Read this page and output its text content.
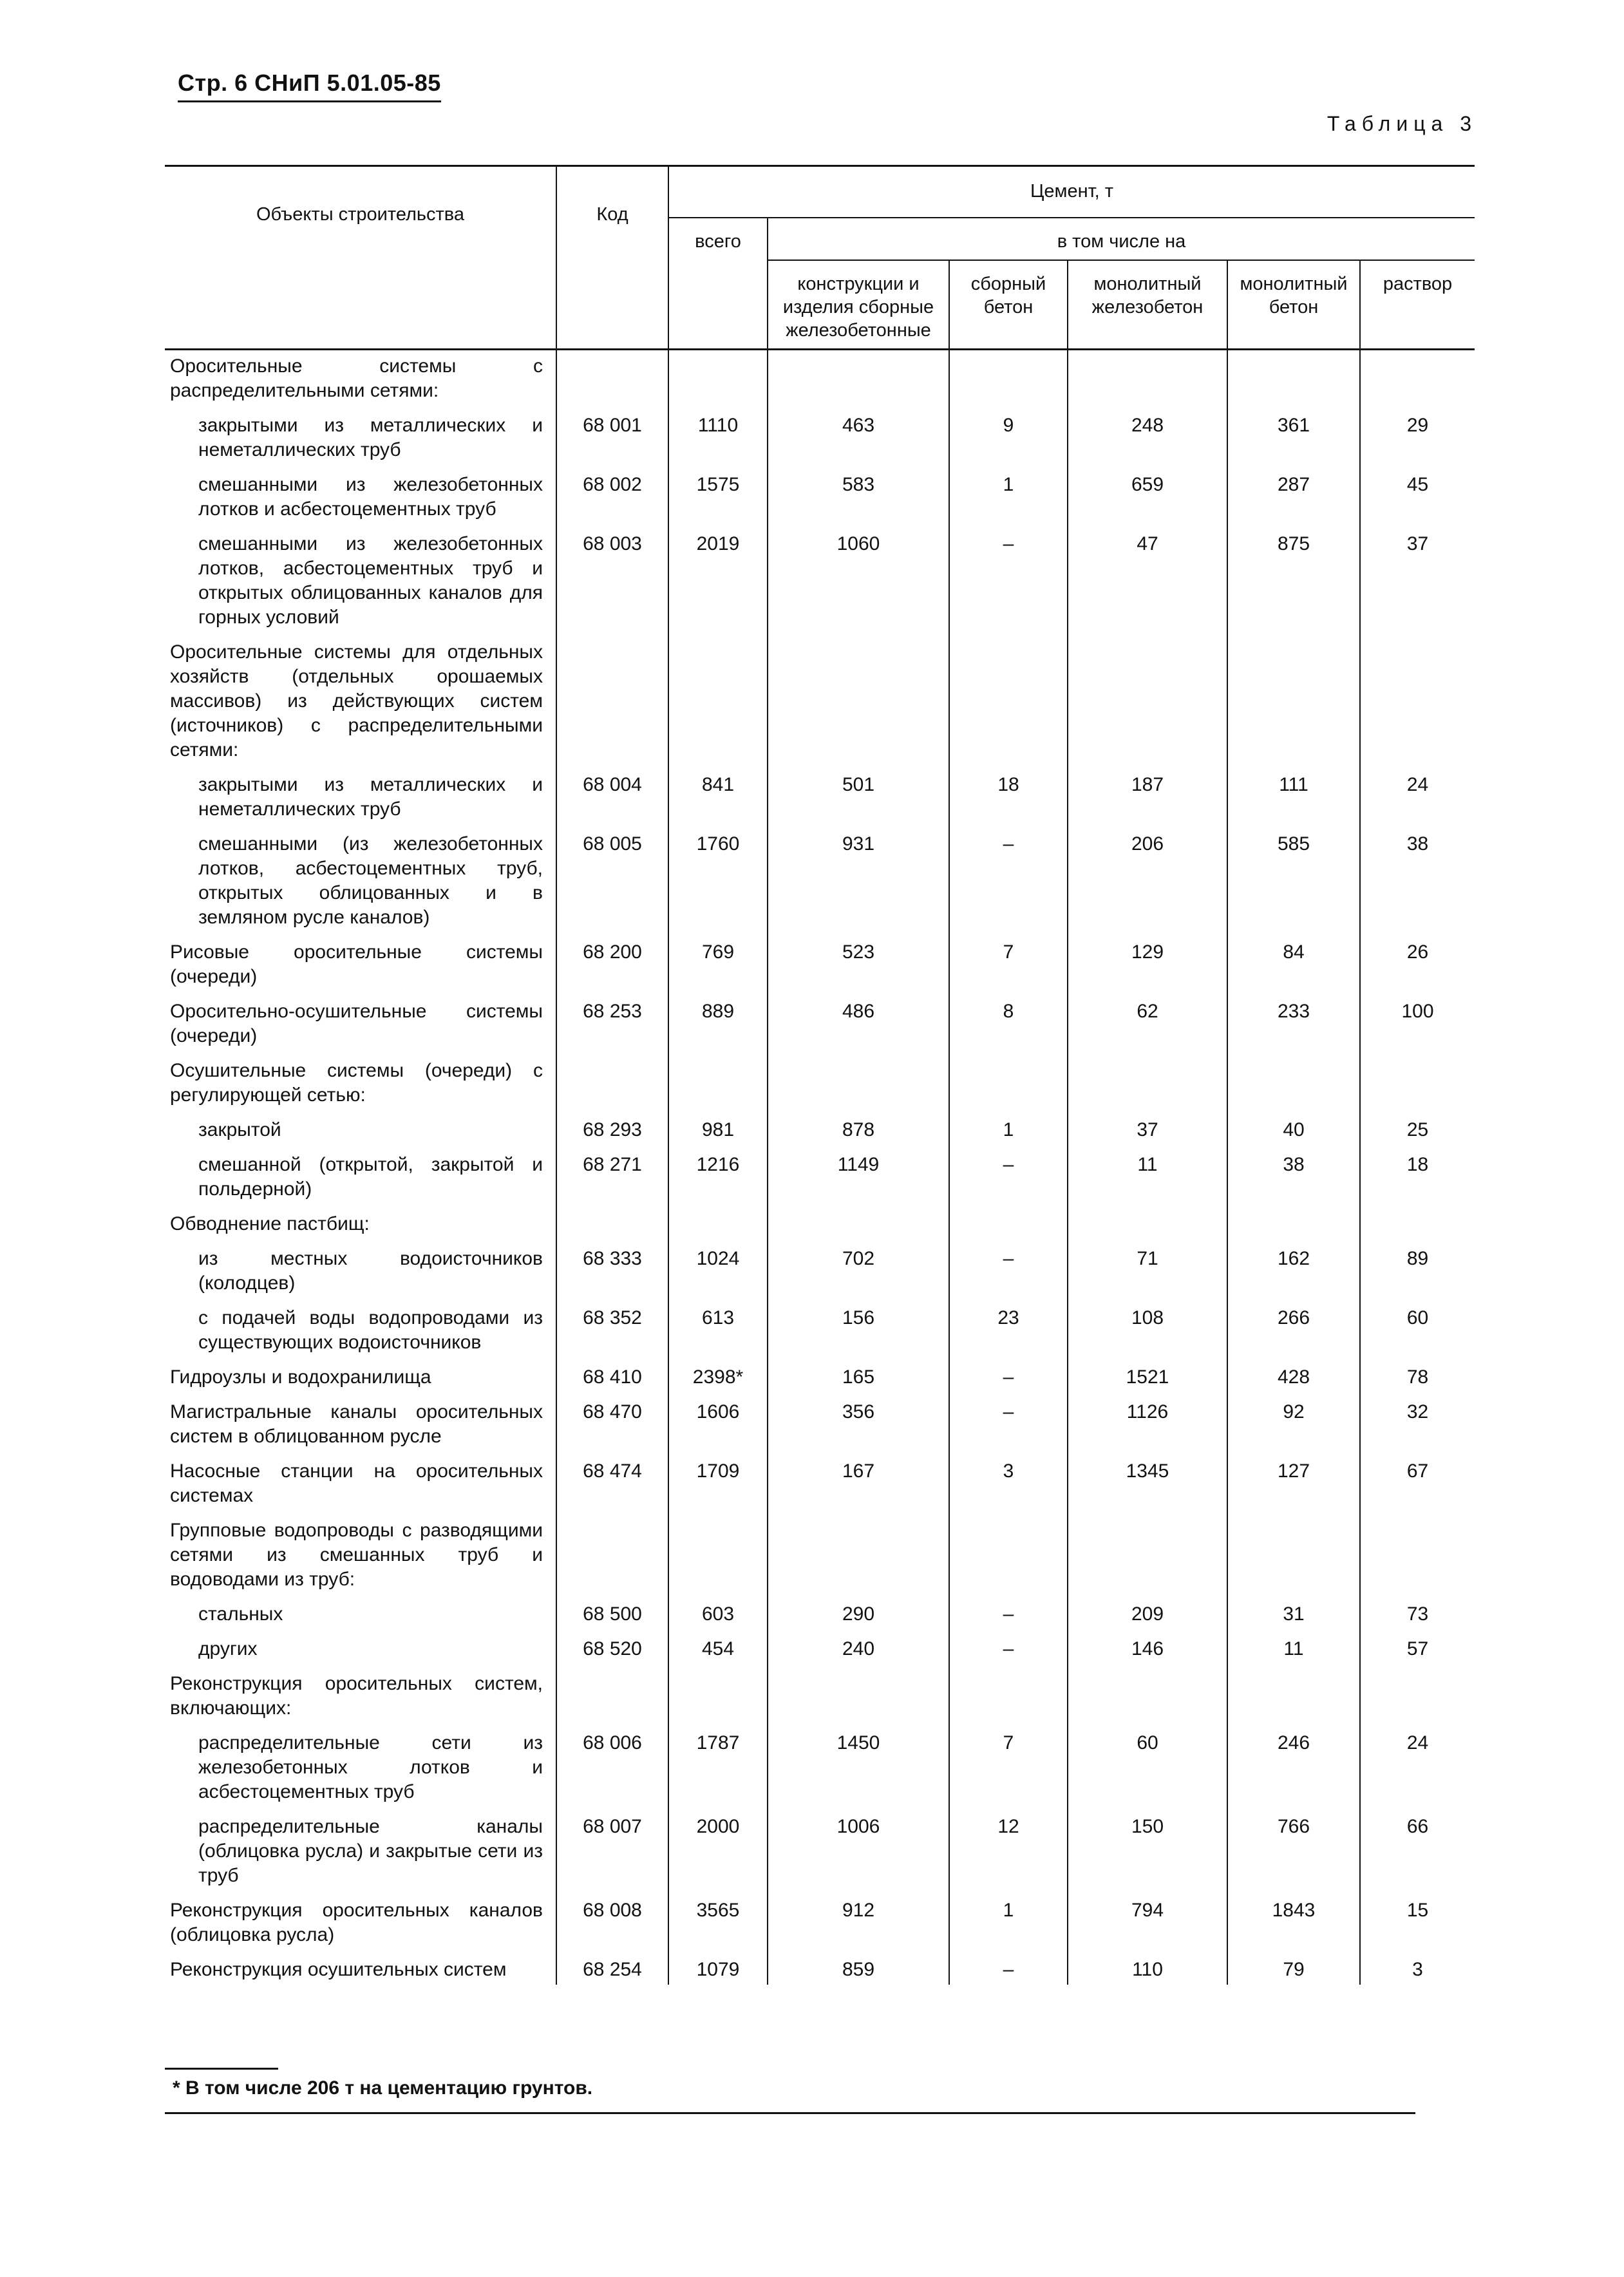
Стр. 6 СНиП 5.01.05-85
Таблица 3
Объекты строительства	Код	Цемент, т					
		всего	в том числе на				
			конструкции и изделия сборные железобетонные	сборный бетон	монолитный железобетон	монолитный бетон	раствор
Оросительные системы с распределительными сетями:							
закрытыми из металлических и неметаллических труб	68 001	1110	463	9	248	361	29
смешанными из железобетонных лотков и асбестоцементных труб	68 002	1575	583	1	659	287	45
смешанными из железобетонных лотков, асбестоцементных труб и открытых облицованных каналов для горных условий	68 003	2019	1060	–	47	875	37
Оросительные системы для отдельных хозяйств (отдельных орошаемых массивов) из действующих систем (источников) с распределительными сетями:							
закрытыми из металлических и неметаллических труб	68 004	841	501	18	187	111	24
смешанными (из железобетонных лотков, асбестоцементных труб, открытых облицованных и в земляном русле каналов)	68 005	1760	931	–	206	585	38
Рисовые оросительные системы (очереди)	68 200	769	523	7	129	84	26
Оросительно-осушительные системы (очереди)	68 253	889	486	8	62	233	100
Осушительные системы (очереди) с регулирующей сетью:							
закрытой	68 293	981	878	1	37	40	25
смешанной (открытой, закрытой и польдерной)	68 271	1216	1149	–	11	38	18
Обводнение пастбищ:							
из местных водоисточников (колодцев)	68 333	1024	702	–	71	162	89
с подачей воды водопроводами из существующих водоисточников	68 352	613	156	23	108	266	60
Гидроузлы и водохранилища	68 410	2398*	165	–	1521	428	78
Магистральные каналы оросительных систем в облицованном русле	68 470	1606	356	–	1126	92	32
Насосные станции на оросительных системах	68 474	1709	167	3	1345	127	67
Групповые водопроводы с разводящими сетями из смешанных труб и водоводами из труб:							
стальных	68 500	603	290	–	209	31	73
других	68 520	454	240	–	146	11	57
Реконструкция оросительных систем, включающих:							
распределительные сети из железобетонных лотков и асбестоцементных труб	68 006	1787	1450	7	60	246	24
распределительные каналы (облицовка русла) и закрытые сети из труб	68 007	2000	1006	12	150	766	66
Реконструкция оросительных каналов (облицовка русла)	68 008	3565	912	1	794	1843	15
Реконструкция осушительных систем	68 254	1079	859	–	110	79	3
* В том числе 206 т на цементацию грунтов.
